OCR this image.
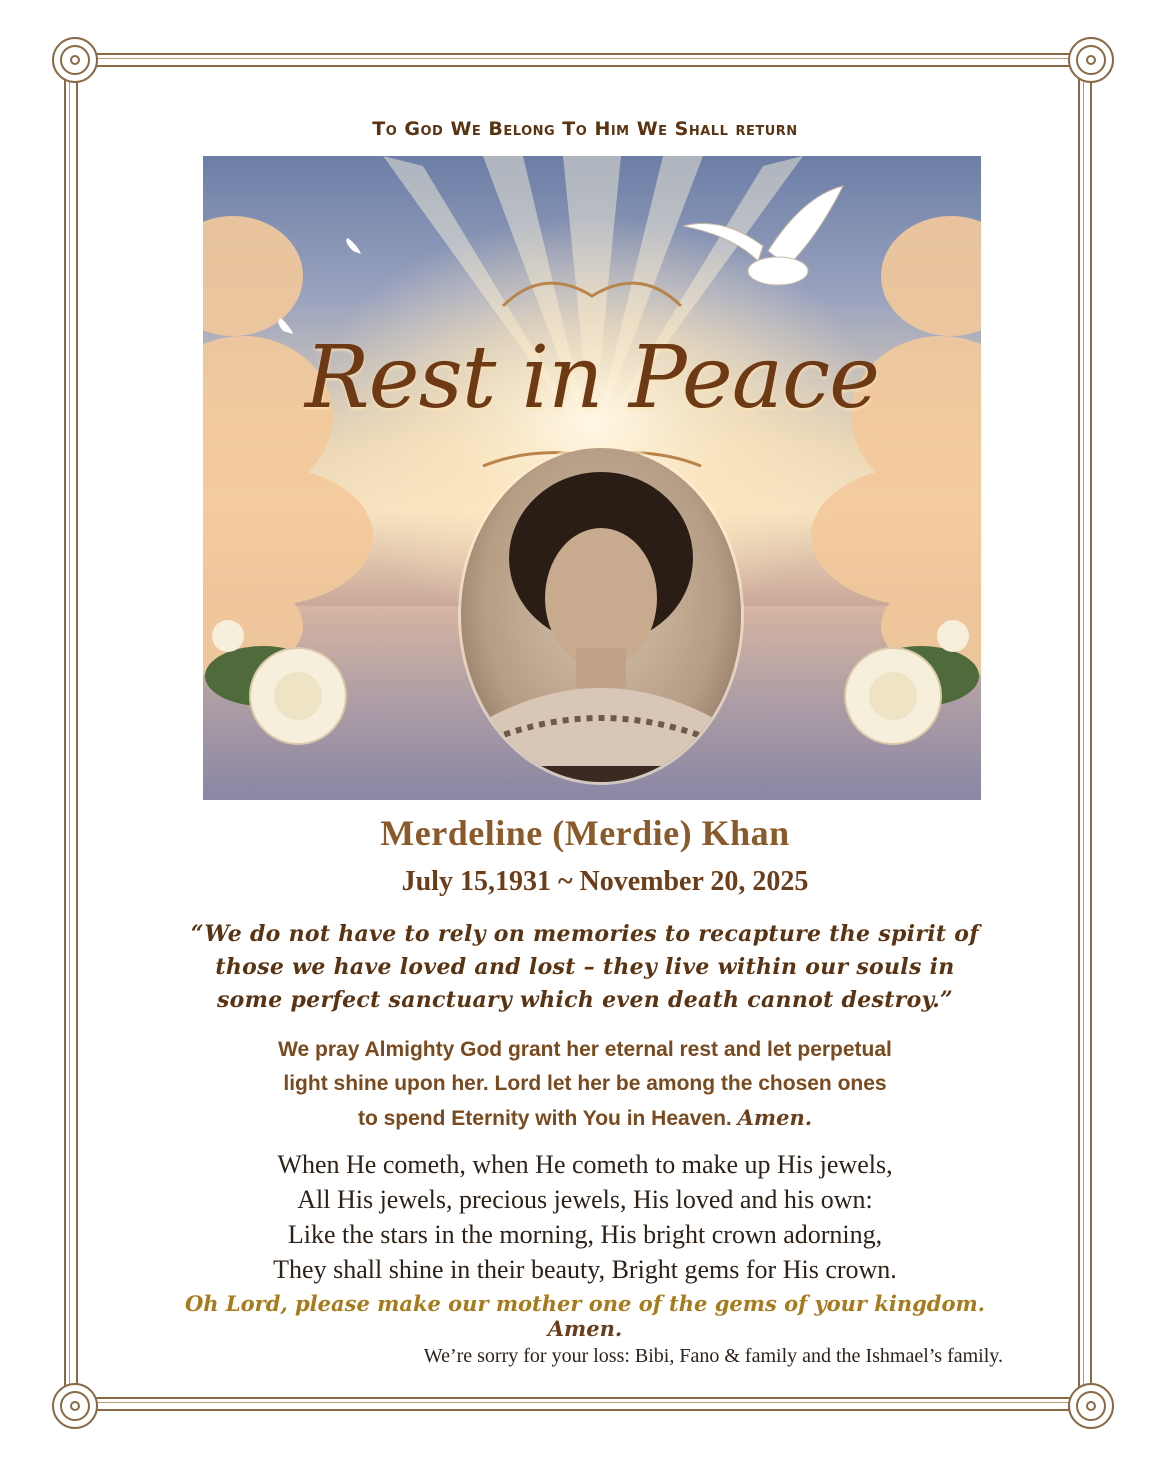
To God We Belong To Him We Shall return
Rest in Peace
Merdeline (Merdie) Khan
July 15,1931 ~ November 20, 2025
“We do not have to rely on memories to recapture the spirit of
those we have loved and lost – they live within our souls in
some perfect sanctuary which even death cannot destroy.”
We pray Almighty God grant her eternal rest and let perpetual
light shine upon her. Lord let her be among the chosen ones
to spend Eternity with You in Heaven. Amen.
When He cometh, when He cometh to make up His jewels,
All His jewels, precious jewels, His loved and his own:
Like the stars in the morning, His bright crown adorning,
They shall shine in their beauty, Bright gems for His crown.
Oh Lord, please make our mother one of the gems of your kingdom. Amen.
We’re sorry for your loss: Bibi, Fano & family and the Ishmael’s family.
